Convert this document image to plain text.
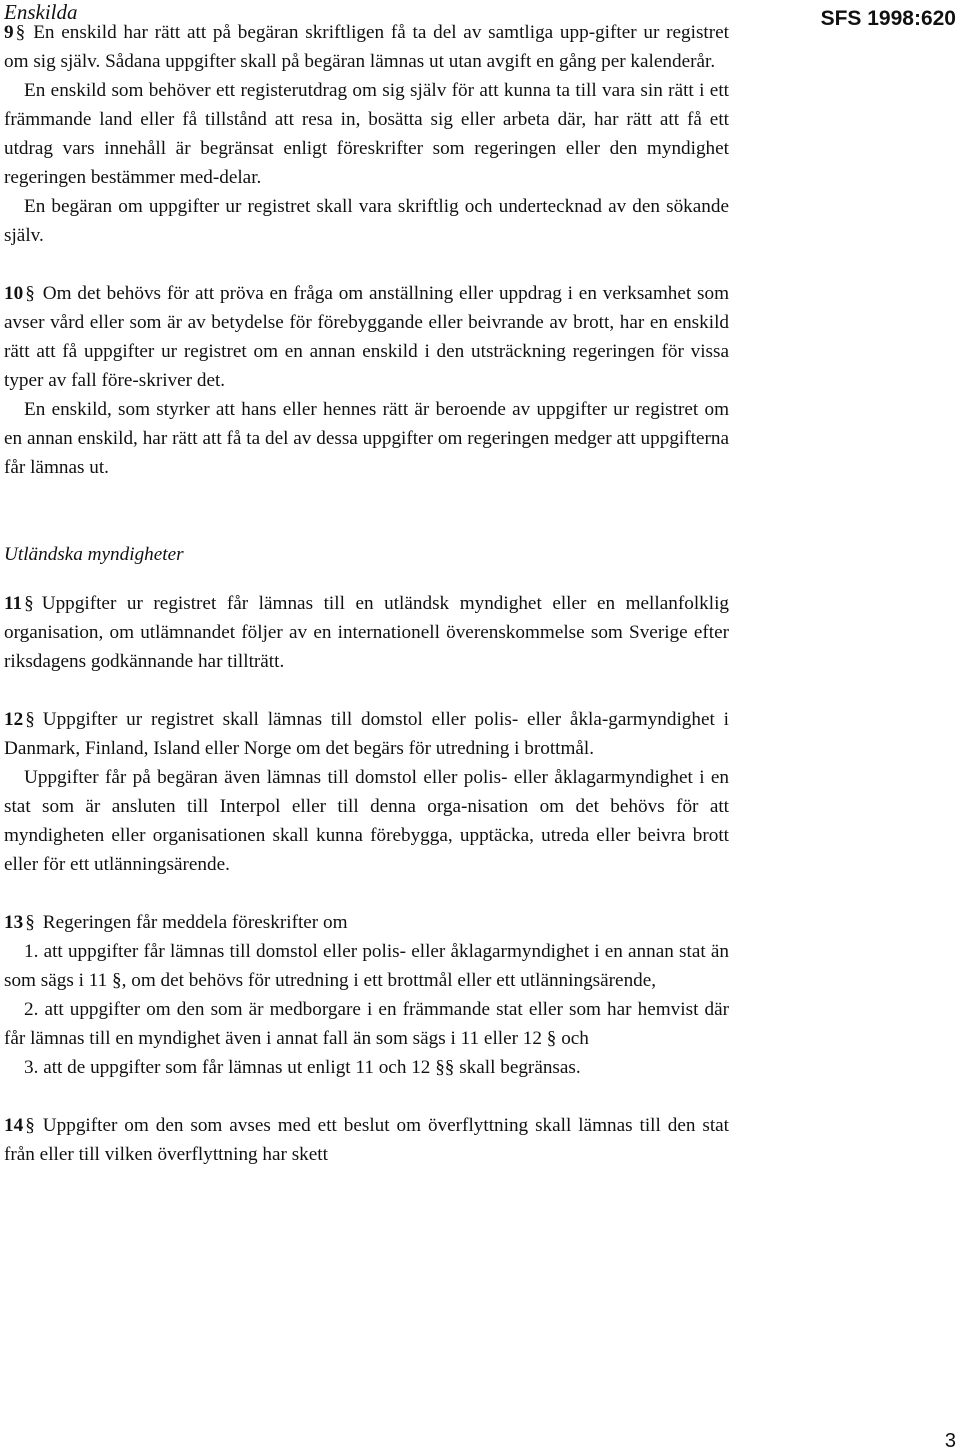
Enskilda	SFS 1998:620

9 § En enskild har rätt att på begäran skriftligen få ta del av samtliga upp-gifter ur registret om sig själv. Sådana uppgifter skall på begäran lämnas ut utan avgift en gång per kalenderår.

En enskild som behöver ett registerutdrag om sig själv för att kunna ta till vara sin rätt i ett främmande land eller få tillstånd att resa in, bosätta sig eller arbeta där, har rätt att få ett utdrag vars innehåll är begränsat enligt föreskrifter som regeringen eller den myndighet regeringen bestämmer med-delar.

En begäran om uppgifter ur registret skall vara skriftlig och undertecknad av den sökande själv.

10 § Om det behövs för att pröva en fråga om anställning eller uppdrag i en verksamhet som avser vård eller som är av betydelse för förebyggande eller beivrande av brott, har en enskild rätt att få uppgifter ur registret om en annan enskild i den utsträckning regeringen för vissa typer av fall före-skriver det.

En enskild, som styrker att hans eller hennes rätt är beroende av uppgifter ur registret om en annan enskild, har rätt att få ta del av dessa uppgifter om regeringen medger att uppgifterna får lämnas ut.

Utländska myndigheter

11 § Uppgifter ur registret får lämnas till en utländsk myndighet eller en mellanfolklig organisation, om utlämnandet följer av en internationell överenskommelse som Sverige efter riksdagens godkännande har tillträtt.

12 § Uppgifter ur registret skall lämnas till domstol eller polis- eller åkla-garmyndighet i Danmark, Finland, Island eller Norge om det begärs för utredning i brottmål.

Uppgifter får på begäran även lämnas till domstol eller polis- eller åklagarmyndighet i en stat som är ansluten till Interpol eller till denna orga-nisation om det behövs för att myndigheten eller organisationen skall kunna förebygga, upptäcka, utreda eller beivra brott eller för ett utlänningsärende.

13 § Regeringen får meddela föreskrifter om

1. att uppgifter får lämnas till domstol eller polis- eller åklagarmyndighet i en annan stat än som sägs i 11 §, om det behövs för utredning i ett brottmål eller ett utlänningsärende,

2. att uppgifter om den som är medborgare i en främmande stat eller som har hemvist där får lämnas till en myndighet även i annat fall än som sägs i 11 eller 12 § och

3. att de uppgifter som får lämnas ut enligt 11 och 12 §§ skall begränsas.

14 § Uppgifter om den som avses med ett beslut om överflyttning skall lämnas till den stat från eller till vilken överflyttning har skett

3
